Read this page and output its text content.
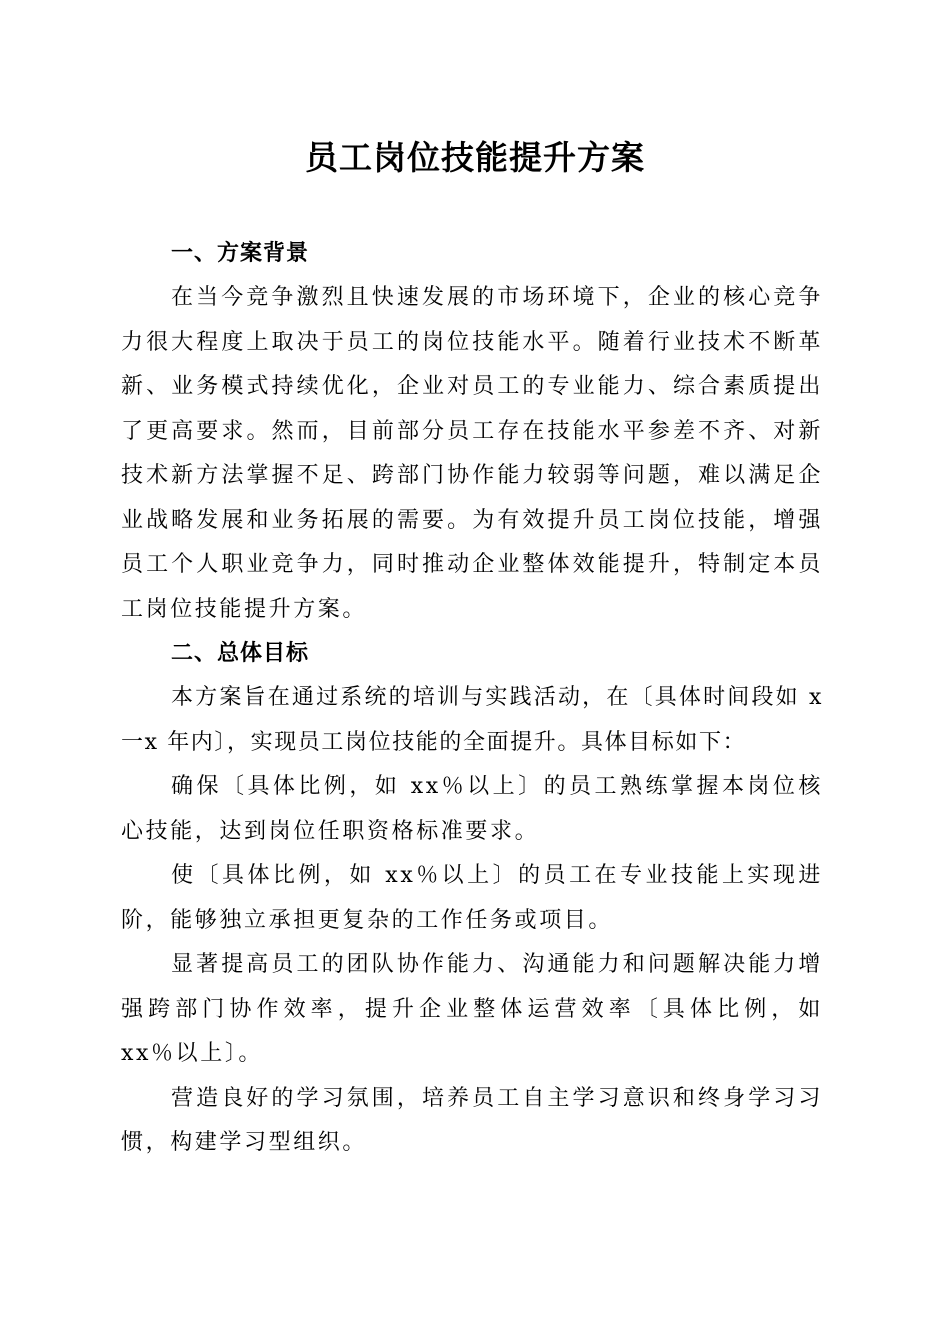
员工岗位技能提升方案
一、方案背景

在当今竞争激烈且快速发展的市场环境下，企业的核心竞争力很大程度上取决于员工的岗位技能水平。随着行业技术不断革新、业务模式持续优化，企业对员工的专业能力、综合素质提出了更高要求。然而，目前部分员工存在技能水平参差不齐、对新技术新方法掌握不足、跨部门协作能力较弱等问题，难以满足企业战略发展和业务拓展的需要。为有效提升员工岗位技能，增强员工个人职业竞争力，同时推动企业整体效能提升，特制定本员工岗位技能提升方案。

二、总体目标

本方案旨在通过系统的培训与实践活动，在〔具体时间段如 x一x 年内〕，实现员工岗位技能的全面提升。具体目标如下：

确保〔具体比例，如 xx％以上〕的员工熟练掌握本岗位核心技能，达到岗位任职资格标准要求。

使〔具体比例，如 xx％以上〕的员工在专业技能上实现进阶，能够独立承担更复杂的工作任务或项目。

显著提高员工的团队协作能力、沟通能力和问题解决能力增强跨部门协作效率，提升企业整体运营效率〔具体比例，如 xx％以上〕。

营造良好的学习氛围，培养员工自主学习意识和终身学习习惯，构建学习型组织。
